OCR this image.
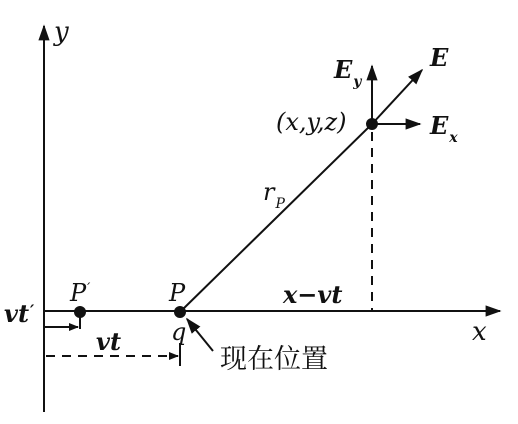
y
x
vt′
P′
vt
P
q
现在位置
$r_P$
x−vt
(x,y,z)
$E_y$
$E_x$
E
